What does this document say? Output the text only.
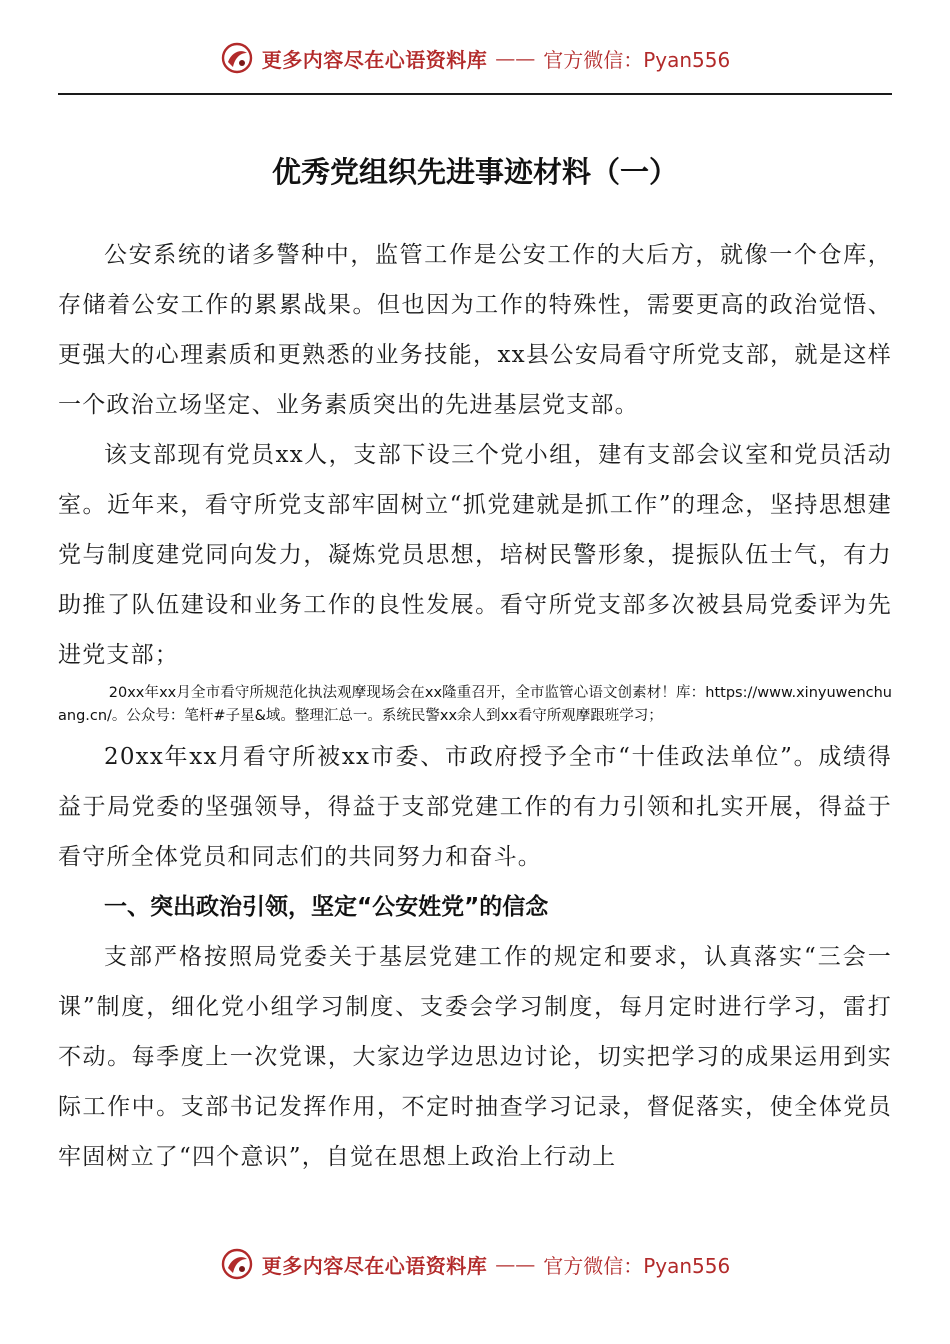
更多内容尽在心语资料库 —— 官方微信：Pyan556
优秀党组织先进事迹材料（一）

公安系统的诸多警种中，监管工作是公安工作的大后方，就像一个仓库，存储着公安工作的累累战果。但也因为工作的特殊性，需要更高的政治觉悟、更强大的心理素质和更熟悉的业务技能，xx县公安局看守所党支部，就是这样一个政治立场坚定、业务素质突出的先进基层党支部。

该支部现有党员xx人，支部下设三个党小组，建有支部会议室和党员活动室。近年来，看守所党支部牢固树立“抓党建就是抓工作”的理念，坚持思想建党与制度建党同向发力，凝炼党员思想，培树民警形象，提振队伍士气，有力助推了队伍建设和业务工作的良性发展。看守所党支部多次被县局党委评为先进党支部；

20xx年xx月全市看守所规范化执法观摩现场会在xx隆重召开，全市监管心语文创素材！库：https://www.xinyuwenchuang.cn/。公众号：笔杆#子星&域。整理汇总一。系统民警xx余人到xx看守所观摩跟班学习；

20xx年xx月看守所被xx市委、市政府授予全市“十佳政法单位”。成绩得益于局党委的坚强领导，得益于支部党建工作的有力引领和扎实开展，得益于看守所全体党员和同志们的共同努力和奋斗。

一、突出政治引领，坚定“公安姓党”的信念

支部严格按照局党委关于基层党建工作的规定和要求，认真落实“三会一课”制度，细化党小组学习制度、支委会学习制度，每月定时进行学习，雷打不动。每季度上一次党课，大家边学边思边讨论，切实把学习的成果运用到实际工作中。支部书记发挥作用，不定时抽查学习记录，督促落实，使全体党员牢固树立了“四个意识”，自觉在思想上政治上行动上

更多内容尽在心语资料库 —— 官方微信：Pyan556
